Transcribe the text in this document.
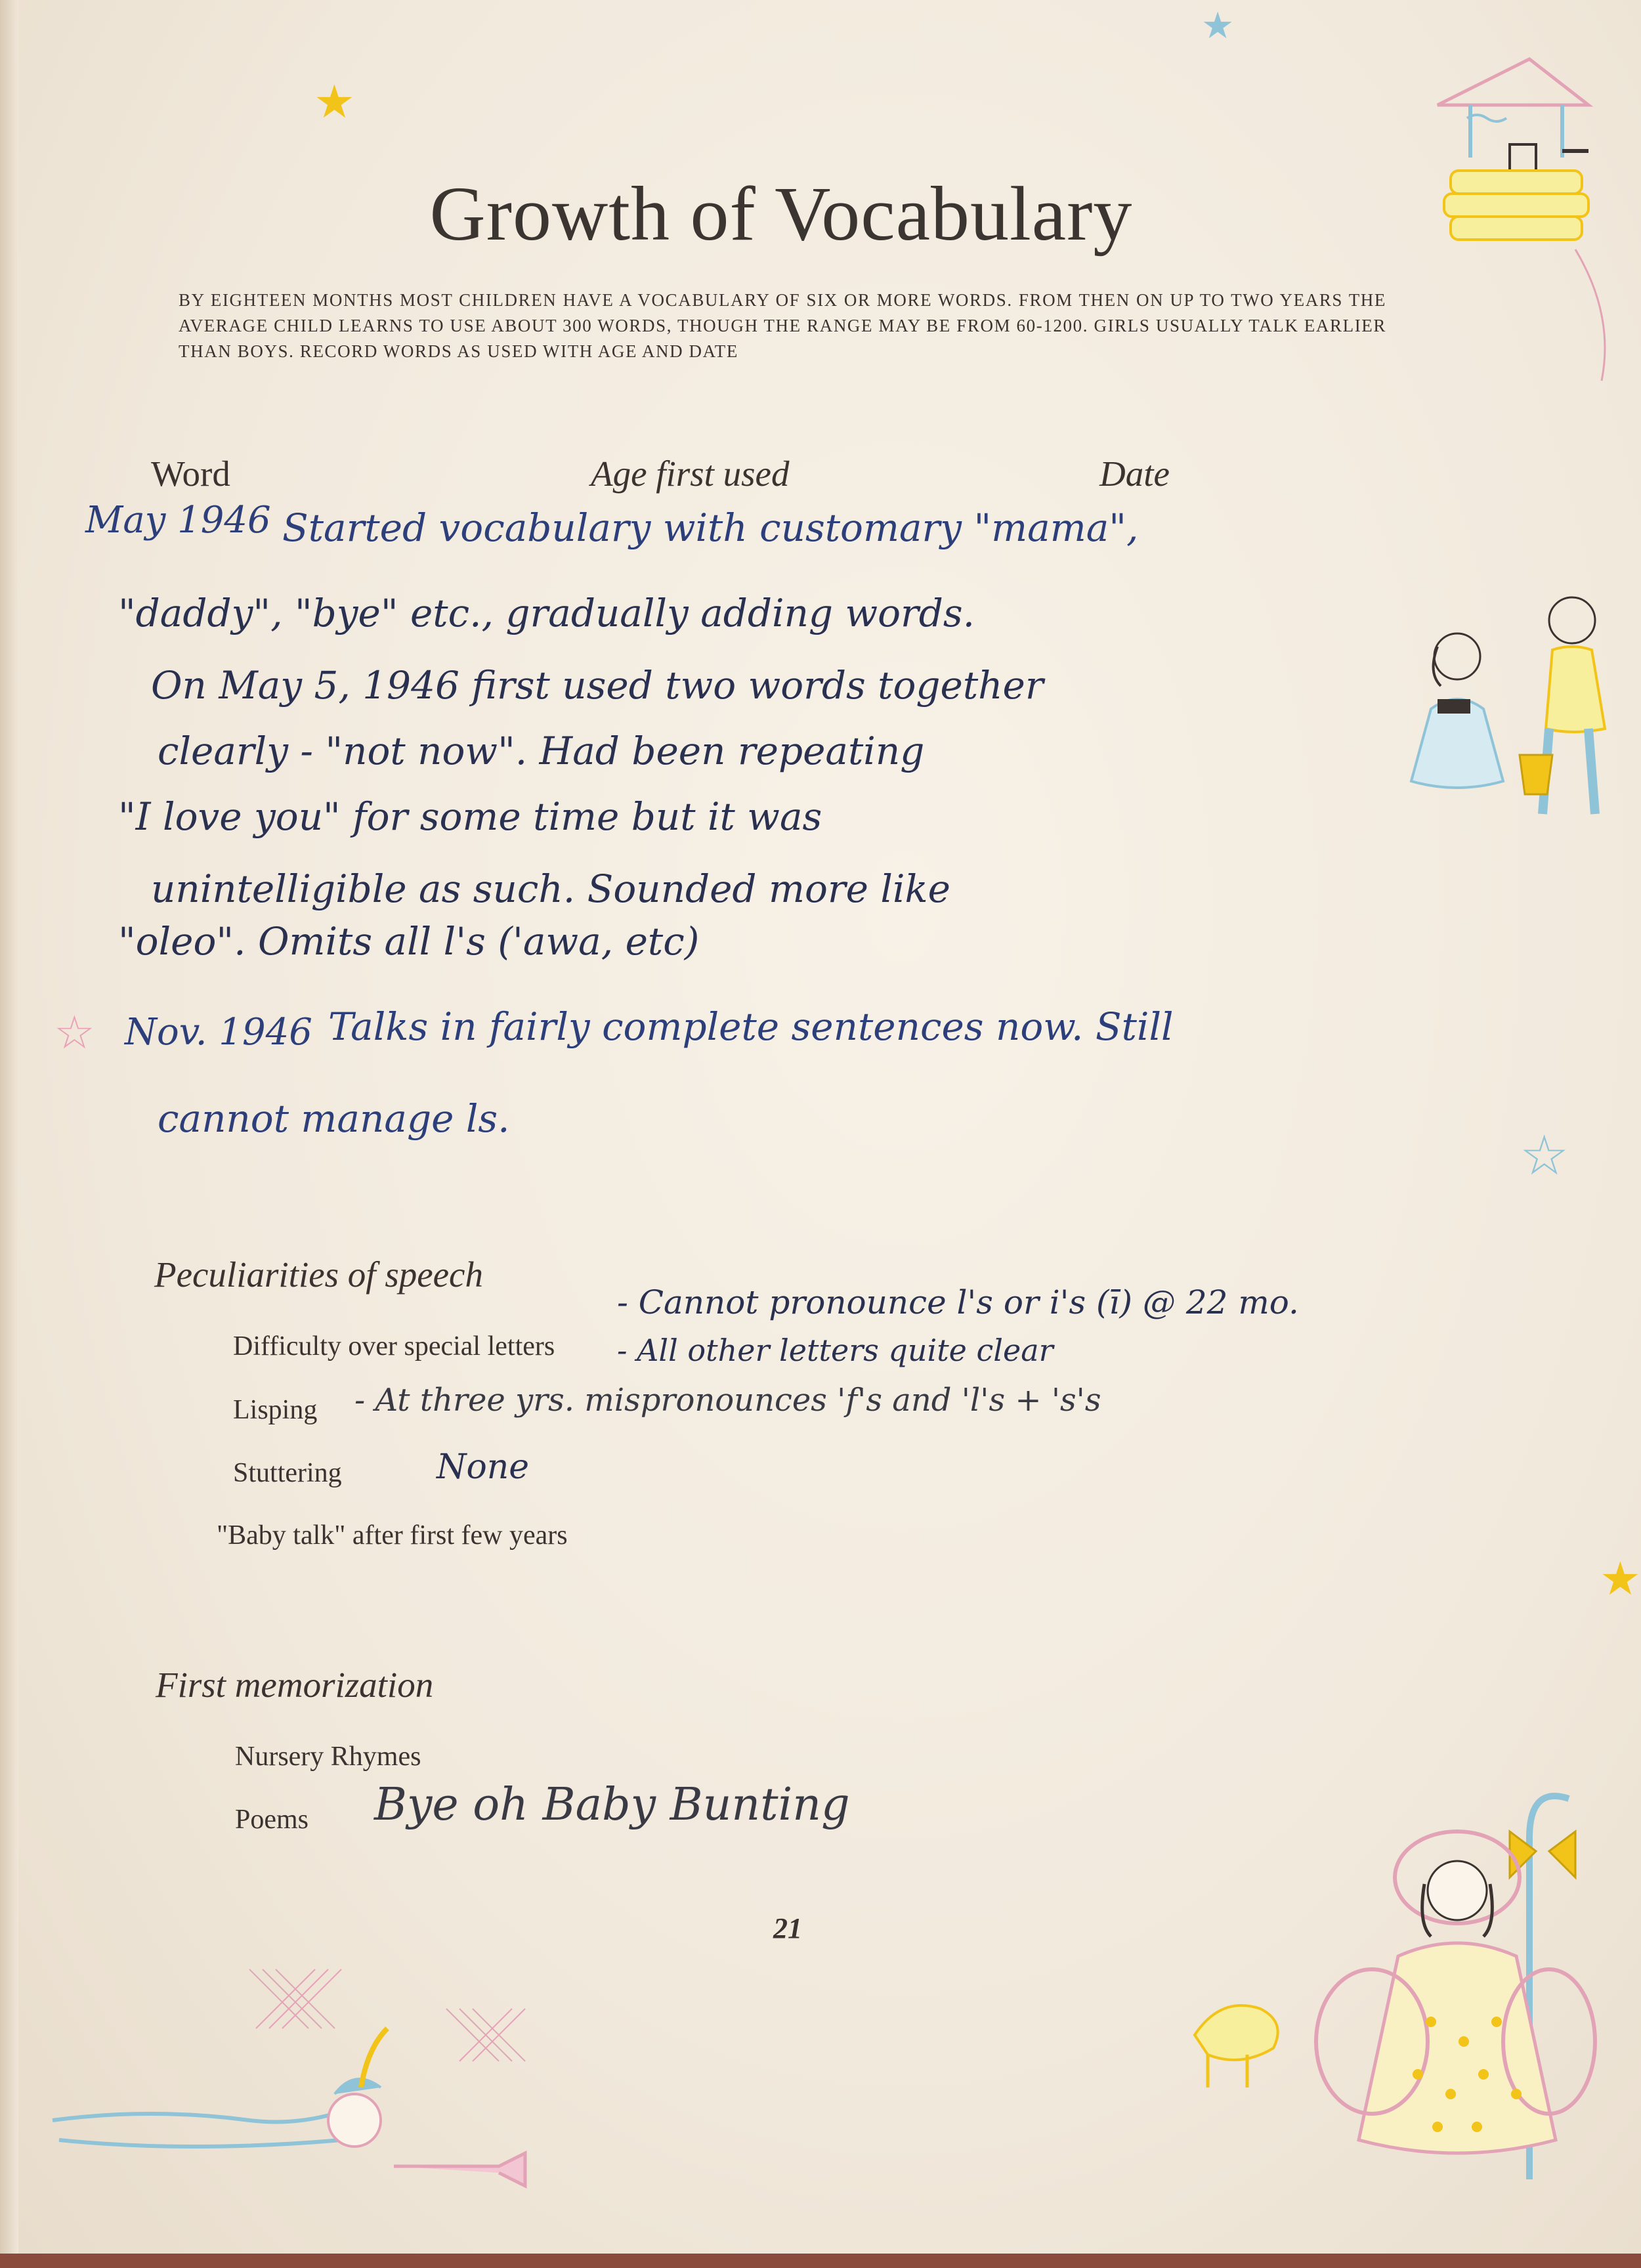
★
★
★
☆
☆
Growth of Vocabulary
BY EIGHTEEN MONTHS MOST CHILDREN HAVE A VOCABULARY OF SIX OR MORE WORDS. FROM THEN ON UP TO TWO YEARS THE AVERAGE CHILD LEARNS TO USE ABOUT 300 WORDS, THOUGH THE RANGE MAY BE FROM 60-1200. GIRLS USUALLY TALK EARLIER THAN BOYS. RECORD WORDS AS USED WITH AGE AND DATE
Word	Age first used	Date
May 1946 Started vocabulary with customary "mama",
"daddy", "bye" etc., gradually adding words.
On May 5, 1946 first used two words together
clearly - "not now". Had been repeating
"I love you" for some time but it was
unintelligible as such. Sounded more like
"oleo". Omits all l's ('awa, etc)
Nov. 1946 Talks in fairly complete sentences now. Still
cannot manage ls.
Peculiarities of speech
Difficulty over special letters
- Cannot pronounce l's or i's (ī) @ 22 mo.
- All other letters quite clear
Lisping - At three yrs. mispronounces 'f's and 'l's + 's's
Stuttering	None
"Baby talk" after first few years
First memorization
Nursery Rhymes
Poems Bye oh Baby Bunting
21
